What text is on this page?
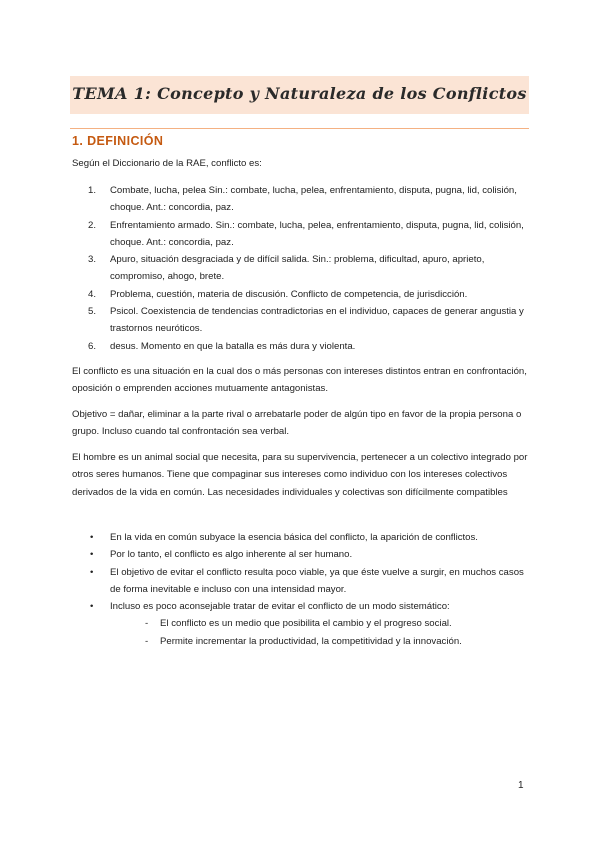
TEMA 1: Concepto y Naturaleza de los Conflictos
1. DEFINICIÓN
Según el Diccionario de la RAE, conflicto es:
1. Combate, lucha, pelea Sin.: combate, lucha, pelea, enfrentamiento, disputa, pugna, lid, colisión, choque. Ant.: concordia, paz.
2. Enfrentamiento armado. Sin.: combate, lucha, pelea, enfrentamiento, disputa, pugna, lid, colisión, choque. Ant.: concordia, paz.
3. Apuro, situación desgraciada y de difícil salida. Sin.: problema, dificultad, apuro, aprieto, compromiso, ahogo, brete.
4. Problema, cuestión, materia de discusión. Conflicto de competencia, de jurisdicción.
5. Psicol. Coexistencia de tendencias contradictorias en el individuo, capaces de generar angustia y trastornos neuróticos.
6. desus. Momento en que la batalla es más dura y violenta.
El conflicto es una situación en la cual dos o más personas con intereses distintos entran en confrontación, oposición o emprenden acciones mutuamente antagonistas.
Objetivo = dañar, eliminar a la parte rival o arrebatarle poder de algún tipo en favor de la propia persona o grupo. Incluso cuando tal confrontación sea verbal.
El hombre es un animal social que necesita, para su supervivencia, pertenecer a un colectivo integrado por otros seres humanos. Tiene que compaginar sus intereses como individuo con los intereses colectivos derivados de la vida en común. Las necesidades individuales y colectivas son difícilmente compatibles
• En la vida en común subyace la esencia básica del conflicto, la aparición de conflictos.
• Por lo tanto, el conflicto es algo inherente al ser humano.
• El objetivo de evitar el conflicto resulta poco viable, ya que éste vuelve a surgir, en muchos casos de forma inevitable e incluso con una intensidad mayor.
• Incluso es poco aconsejable tratar de evitar el conflicto de un modo sistemático:
- El conflicto es un medio que posibilita el cambio y el progreso social.
- Permite incrementar la productividad, la competitividad y la innovación.
1
